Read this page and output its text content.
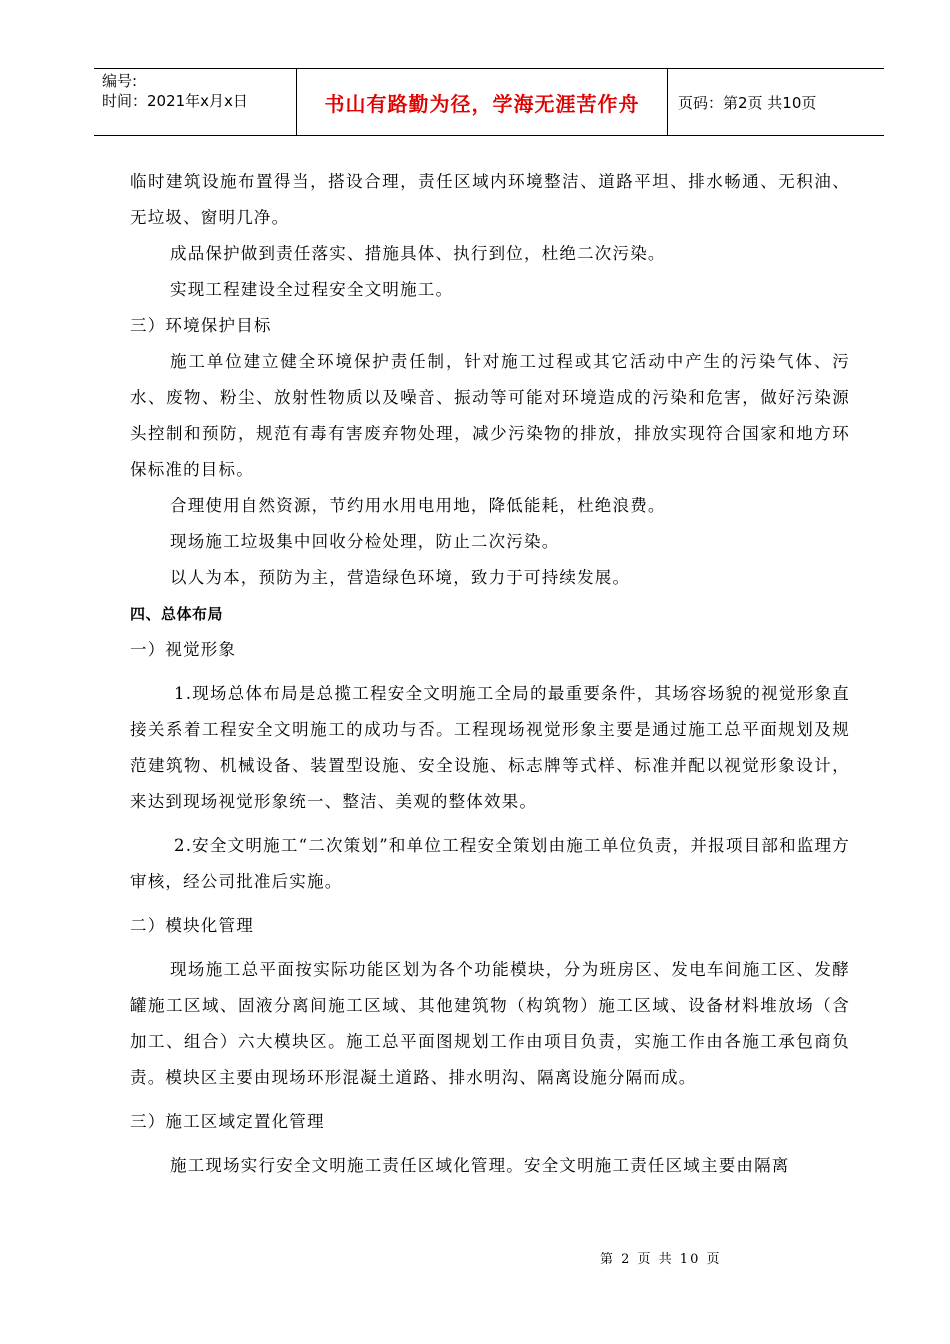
编号:
时间：2021年x月x日	书山有路勤为径，学海无涯苦作舟	页码：第2页 共10页

临时建筑设施布置得当，搭设合理，责任区域内环境整洁、道路平坦、排水畅通、无积油、无垃圾、窗明几净。

成品保护做到责任落实、措施具体、执行到位，杜绝二次污染。

实现工程建设全过程安全文明施工。

三）环境保护目标

施工单位建立健全环境保护责任制，针对施工过程或其它活动中产生的污染气体、污水、废物、粉尘、放射性物质以及噪音、振动等可能对环境造成的污染和危害，做好污染源头控制和预防，规范有毒有害废弃物处理，减少污染物的排放，排放实现符合国家和地方环保标准的目标。

合理使用自然资源，节约用水用电用地，降低能耗，杜绝浪费。

现场施工垃圾集中回收分检处理，防止二次污染。

以人为本，预防为主，营造绿色环境，致力于可持续发展。

四、总体布局

一）视觉形象

1.现场总体布局是总揽工程安全文明施工全局的最重要条件，其场容场貌的视觉形象直接关系着工程安全文明施工的成功与否。工程现场视觉形象主要是通过施工总平面规划及规范建筑物、机械设备、装置型设施、安全设施、标志牌等式样、标准并配以视觉形象设计，来达到现场视觉形象统一、整洁、美观的整体效果。

2.安全文明施工“二次策划”和单位工程安全策划由施工单位负责，并报项目部和监理方审核，经公司批准后实施。

二）模块化管理

现场施工总平面按实际功能区划为各个功能模块，分为班房区、发电车间施工区、发酵罐施工区域、固液分离间施工区域、其他建筑物（构筑物）施工区域、设备材料堆放场（含加工、组合）六大模块区。施工总平面图规划工作由项目负责，实施工作由各施工承包商负责。模块区主要由现场环形混凝土道路、排水明沟、隔离设施分隔而成。

三）施工区域定置化管理

施工现场实行安全文明施工责任区域化管理。安全文明施工责任区域主要由隔离

第 2 页 共 10 页
